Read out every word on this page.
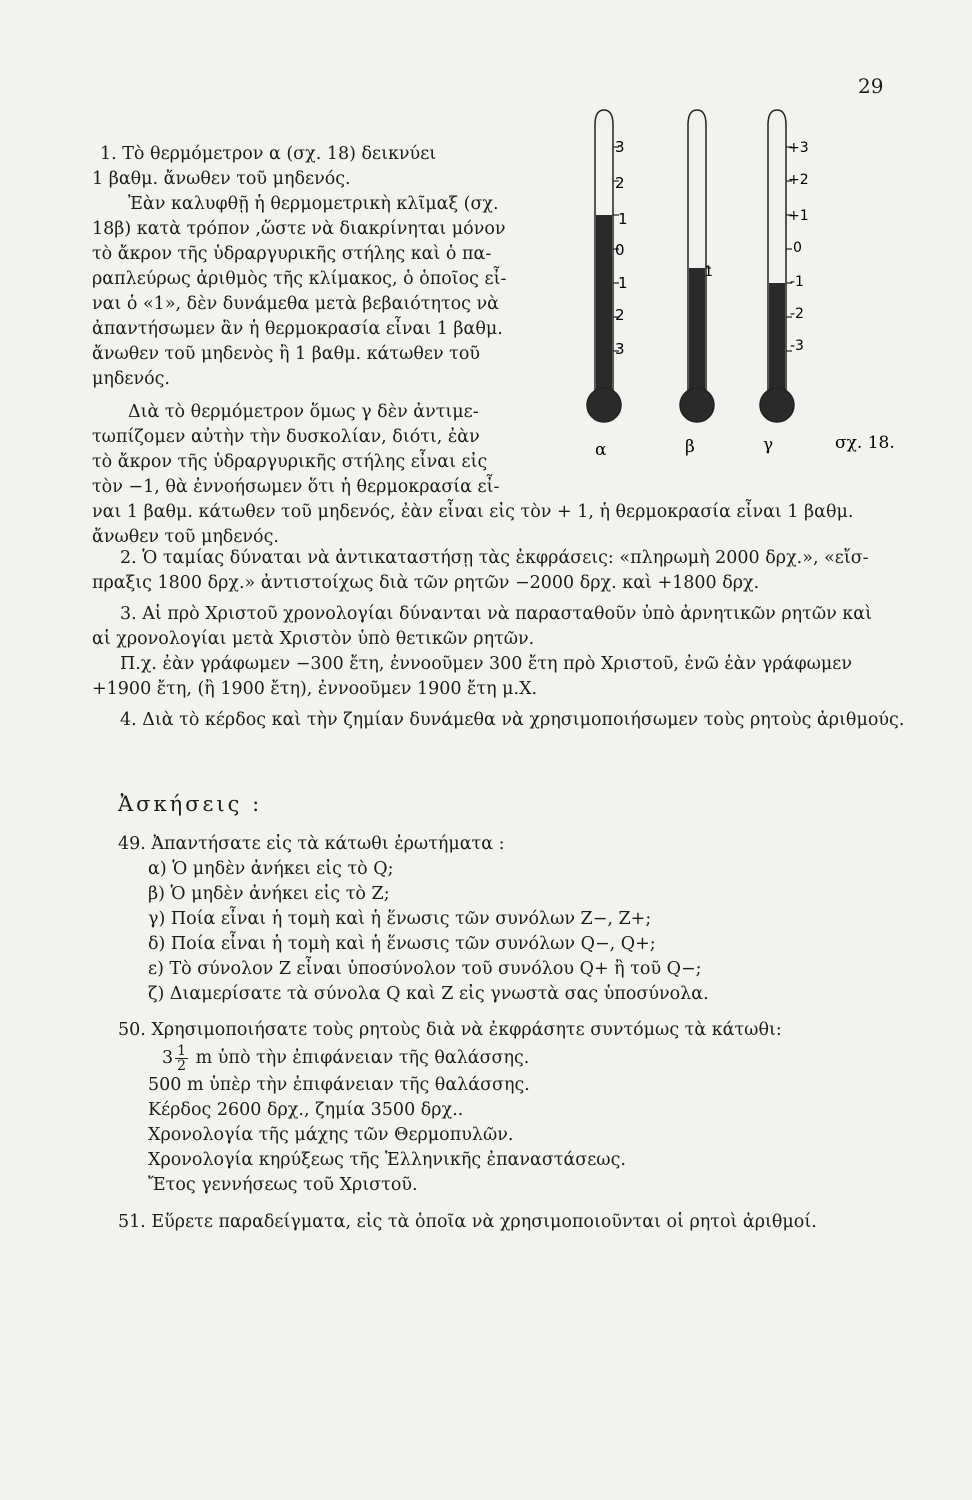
29
1. Τὸ θερμόμετρον α (σχ. 18) δεικνύει
1 βαθμ. ἄνωθεν τοῦ μηδενός.
Ἐὰν καλυφθῇ ἡ θερμομετρικὴ κλῖμαξ (σχ.
18β) κατὰ τρόπον ,ὥστε νὰ διακρίνηται μόνον
τὸ ἄκρον τῆς ὑδραργυρικῆς στήλης καὶ ὁ πα-
ραπλεύρως ἀριθμὸς τῆς κλίμακος, ὁ ὁποῖος εἶ-
ναι ὁ «1», δὲν δυνάμεθα μετὰ βεβαιότητος νὰ
ἀπαντήσωμεν ἂν ἡ θερμοκρασία εἶναι 1 βαθμ.
ἄνωθεν τοῦ μηδενὸς ἢ 1 βαθμ. κάτωθεν τοῦ
μηδενός.
Διὰ τὸ θερμόμετρον ὅμως γ δὲν ἀντιμε-
τωπίζομεν αὐτὴν τὴν δυσκολίαν, διότι, ἐὰν
τὸ ἄκρον τῆς ὑδραργυρικῆς στήλης εἶναι εἰς
τὸν −1, θὰ ἐννοήσωμεν ὅτι ἡ θερμοκρασία εἶ-
ναι 1 βαθμ. κάτωθεν τοῦ μηδενός, ἐὰν εἶναι εἰς τὸν + 1, ἡ θερμοκρασία εἶναι 1 βαθμ.
ἄνωθεν τοῦ μηδενός.
3
2
1
0
1
2
3
1
+3
+2
+1
0
-1
-2
-3
α	β	γ	σχ. 18.
2. Ὁ ταμίας δύναται νὰ ἀντικαταστήσῃ τὰς ἐκφράσεις: «πληρωμὴ 2000 δρχ.», «εἴσ-
πραξις 1800 δρχ.» ἀντιστοίχως διὰ τῶν ρητῶν −2000 δρχ. καὶ +1800 δρχ.
3. Αἱ πρὸ Χριστοῦ χρονολογίαι δύνανται νὰ παρασταθοῦν ὑπὸ ἀρνητικῶν ρητῶν καὶ
αἱ χρονολογίαι μετὰ Χριστὸν ὑπὸ θετικῶν ρητῶν.
Π.χ. ἐὰν γράφωμεν −300 ἔτη, ἐννοοῦμεν 300 ἔτη πρὸ Χριστοῦ, ἐνῶ ἐὰν γράφωμεν
+1900 ἔτη, (ἢ 1900 ἔτη), ἐννοοῦμεν 1900 ἔτη μ.Χ.
4. Διὰ τὸ κέρδος καὶ τὴν ζημίαν δυνάμεθα νὰ χρησιμοποιήσωμεν τοὺς ρητοὺς ἀριθμούς.
Ἀσκήσεις :
49. Ἀπαντήσατε εἰς τὰ κάτωθι ἐρωτήματα :
α) Ὁ μηδὲν ἀνήκει εἰς τὸ Q;
β) Ὁ μηδὲν ἀνήκει εἰς τὸ Z;
γ) Ποία εἶναι ἡ τομὴ καὶ ἡ ἕνωσις τῶν συνόλων Z−, Z+;
δ) Ποία εἶναι ἡ τομὴ καὶ ἡ ἕνωσις τῶν συνόλων Q−, Q+;
ε) Τὸ σύνολον Z εἶναι ὑποσύνολον τοῦ συνόλου Q+ ἢ τοῦ Q−;
ζ) Διαμερίσατε τὰ σύνολα Q καὶ Z εἰς γνωστὰ σας ὑποσύνολα.
50. Χρησιμοποιήσατε τοὺς ρητοὺς διὰ νὰ ἐκφράσητε συντόμως τὰ κάτωθι:
$3 \frac{1}{2}$ m ὑπὸ τὴν ἐπιφάνειαν τῆς θαλάσσης.
500 m ὑπὲρ τὴν ἐπιφάνειαν τῆς θαλάσσης.
Κέρδος 2600 δρχ., ζημία 3500 δρχ..
Χρονολογία τῆς μάχης τῶν Θερμοπυλῶν.
Χρονολογία κηρύξεως τῆς Ἑλληνικῆς ἐπαναστάσεως.
Ἔτος γεννήσεως τοῦ Χριστοῦ.
51. Εὕρετε παραδείγματα, εἰς τὰ ὁποῖα νὰ χρησιμοποιοῦνται οἱ ρητοὶ ἀριθμοί.
